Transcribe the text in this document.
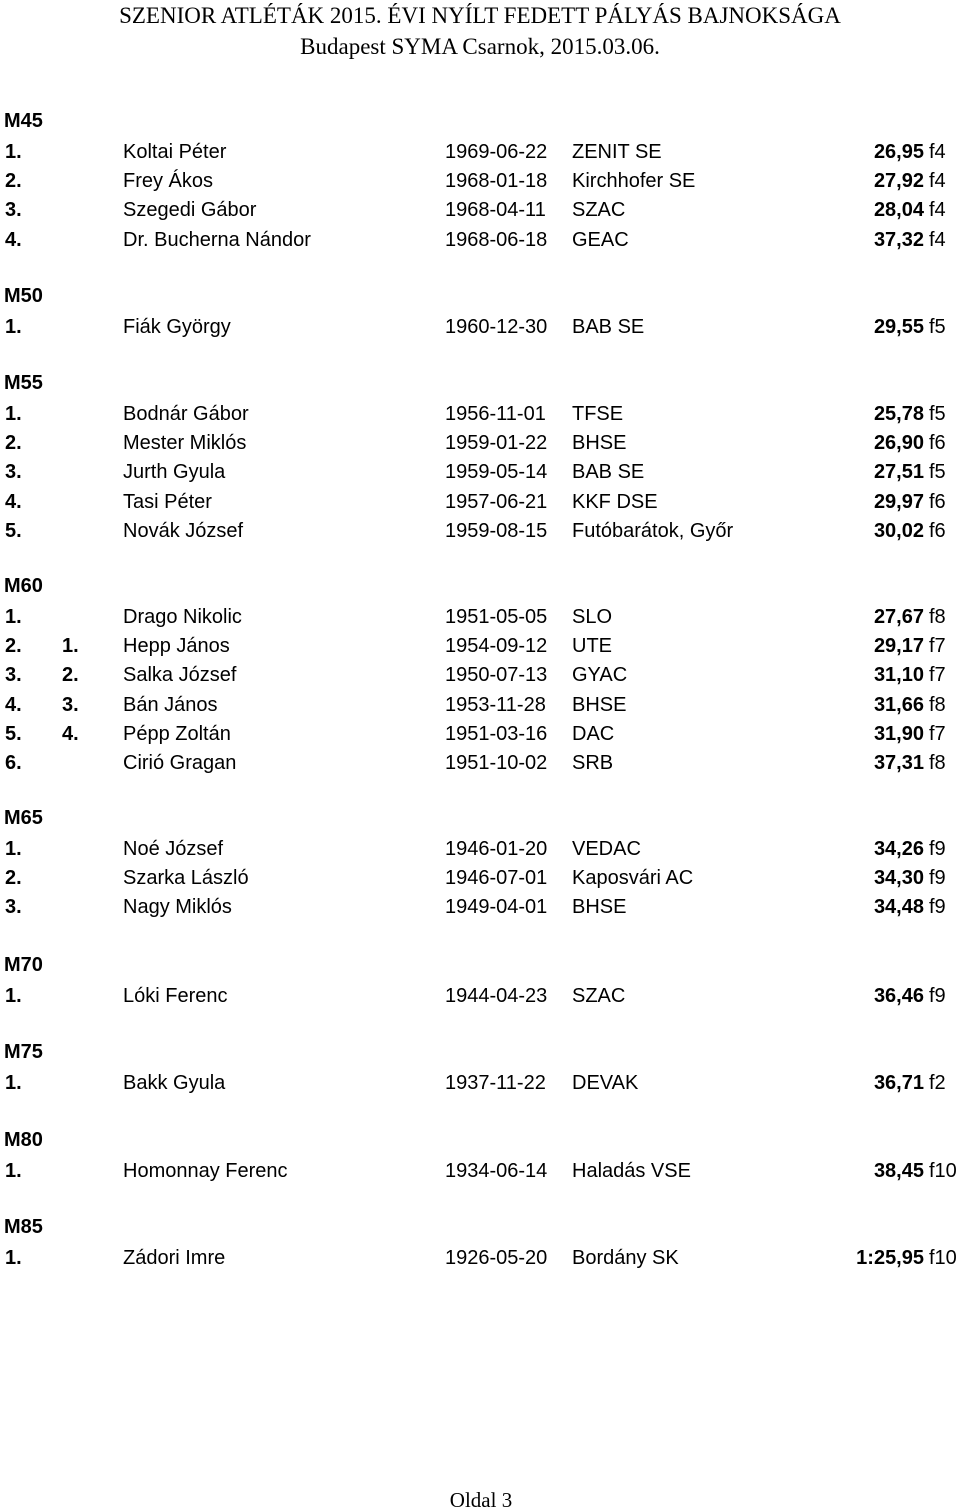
SZENIOR ATLÉTÁK 2015. ÉVI NYÍLT FEDETT PÁLYÁS BAJNOKSÁGA
Budapest SYMA Csarnok, 2015.03.06.
M45
1.	Koltai Péter	1969-06-22 ZENIT SE	26,95 f4
2.	Frey Ákos	1968-01-18 Kirchhofer SE	27,92 f4
3.	Szegedi Gábor	1968-04-11 SZAC	28,04 f4
4.	Dr. Bucherna Nándor	1968-06-18 GEAC	37,32 f4
M50
1.	Fiák György	1960-12-30 BAB SE	29,55 f5
M55
1.	Bodnár Gábor	1956-11-01 TFSE	25,78 f5
2.	Mester Miklós	1959-01-22 BHSE	26,90 f6
3.	Jurth Gyula	1959-05-14 BAB SE	27,51 f5
4.	Tasi Péter	1957-06-21 KKF DSE	29,97 f6
5.	Novák József	1959-08-15 Futóbarátok, Győr	30,02 f6
M60
1.	Drago Nikolic	1951-05-05 SLO	27,67 f8
2. 1. Hepp János	1954-09-12 UTE	29,17 f7
3. 2. Salka József	1950-07-13 GYAC	31,10 f7
4. 3. Bán János	1953-11-28 BHSE	31,66 f8
5. 4. Pépp Zoltán	1951-03-16 DAC	31,90 f7
6.	Cirió Gragan	1951-10-02 SRB	37,31 f8
M65
1.	Noé József	1946-01-20 VEDAC	34,26 f9
2.	Szarka László	1946-07-01 Kaposvári AC	34,30 f9
3.	Nagy Miklós	1949-04-01 BHSE	34,48 f9
M70
1.	Lóki Ferenc	1944-04-23 SZAC	36,46 f9
M75
1.	Bakk Gyula	1937-11-22 DEVAK	36,71 f2
M80
1.	Homonnay Ferenc	1934-06-14 Haladás VSE	38,45 f10
M85
1.	Zádori Imre	1926-05-20 Bordány SK	1:25,95 f10
Oldal 3
